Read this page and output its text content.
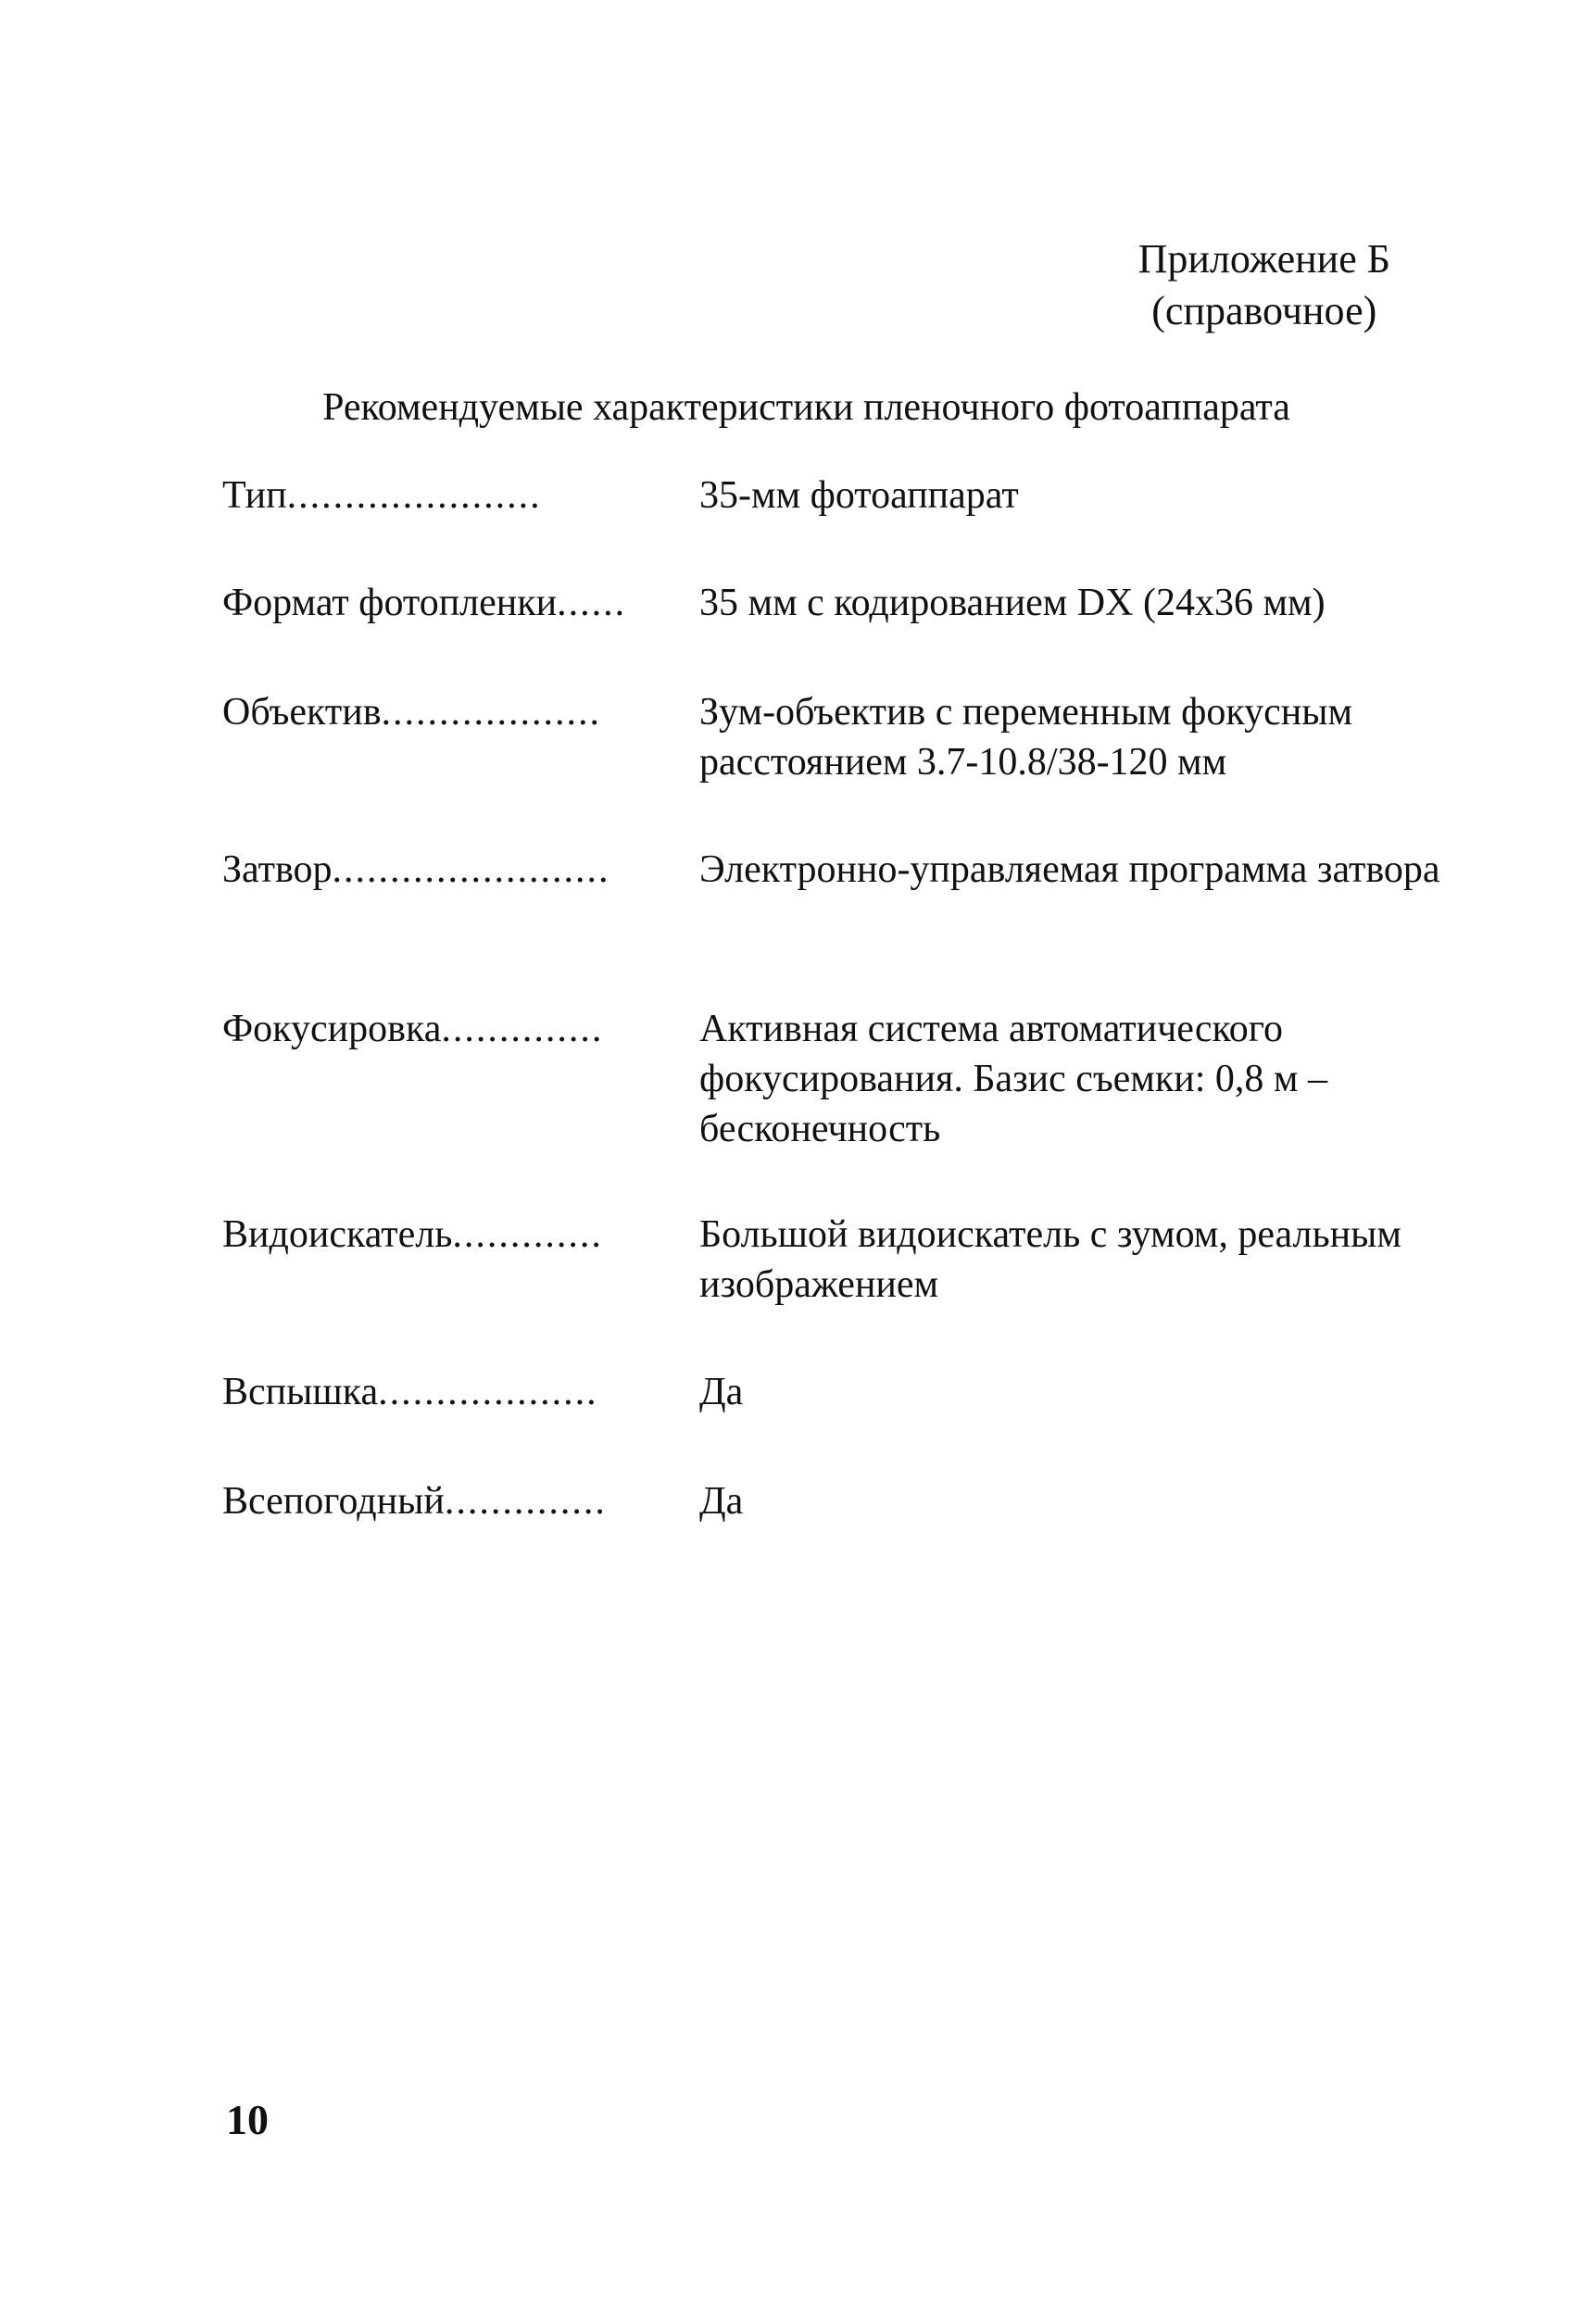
Приложение Б
(справочное)
Рекомендуемые характеристики пленочного фотоаппарата
Тип......................	35-мм фотоаппарат
Формат фотопленки......	35 мм с кодированием DX (24x36 мм)
Объектив...................	Зум-объектив с переменным фокусным расстоянием 3.7-10.8/38-120 мм
Затвор........................	Электронно-управляемая программа затвора
Фокусировка..............	Активная система автоматического фокусирования. Базис съемки: 0,8 м – бесконечность
Видоискатель.............	Большой видоискатель с зумом, реальным изображением
Вспышка...................	Да
Всепогодный..............	Да
10
